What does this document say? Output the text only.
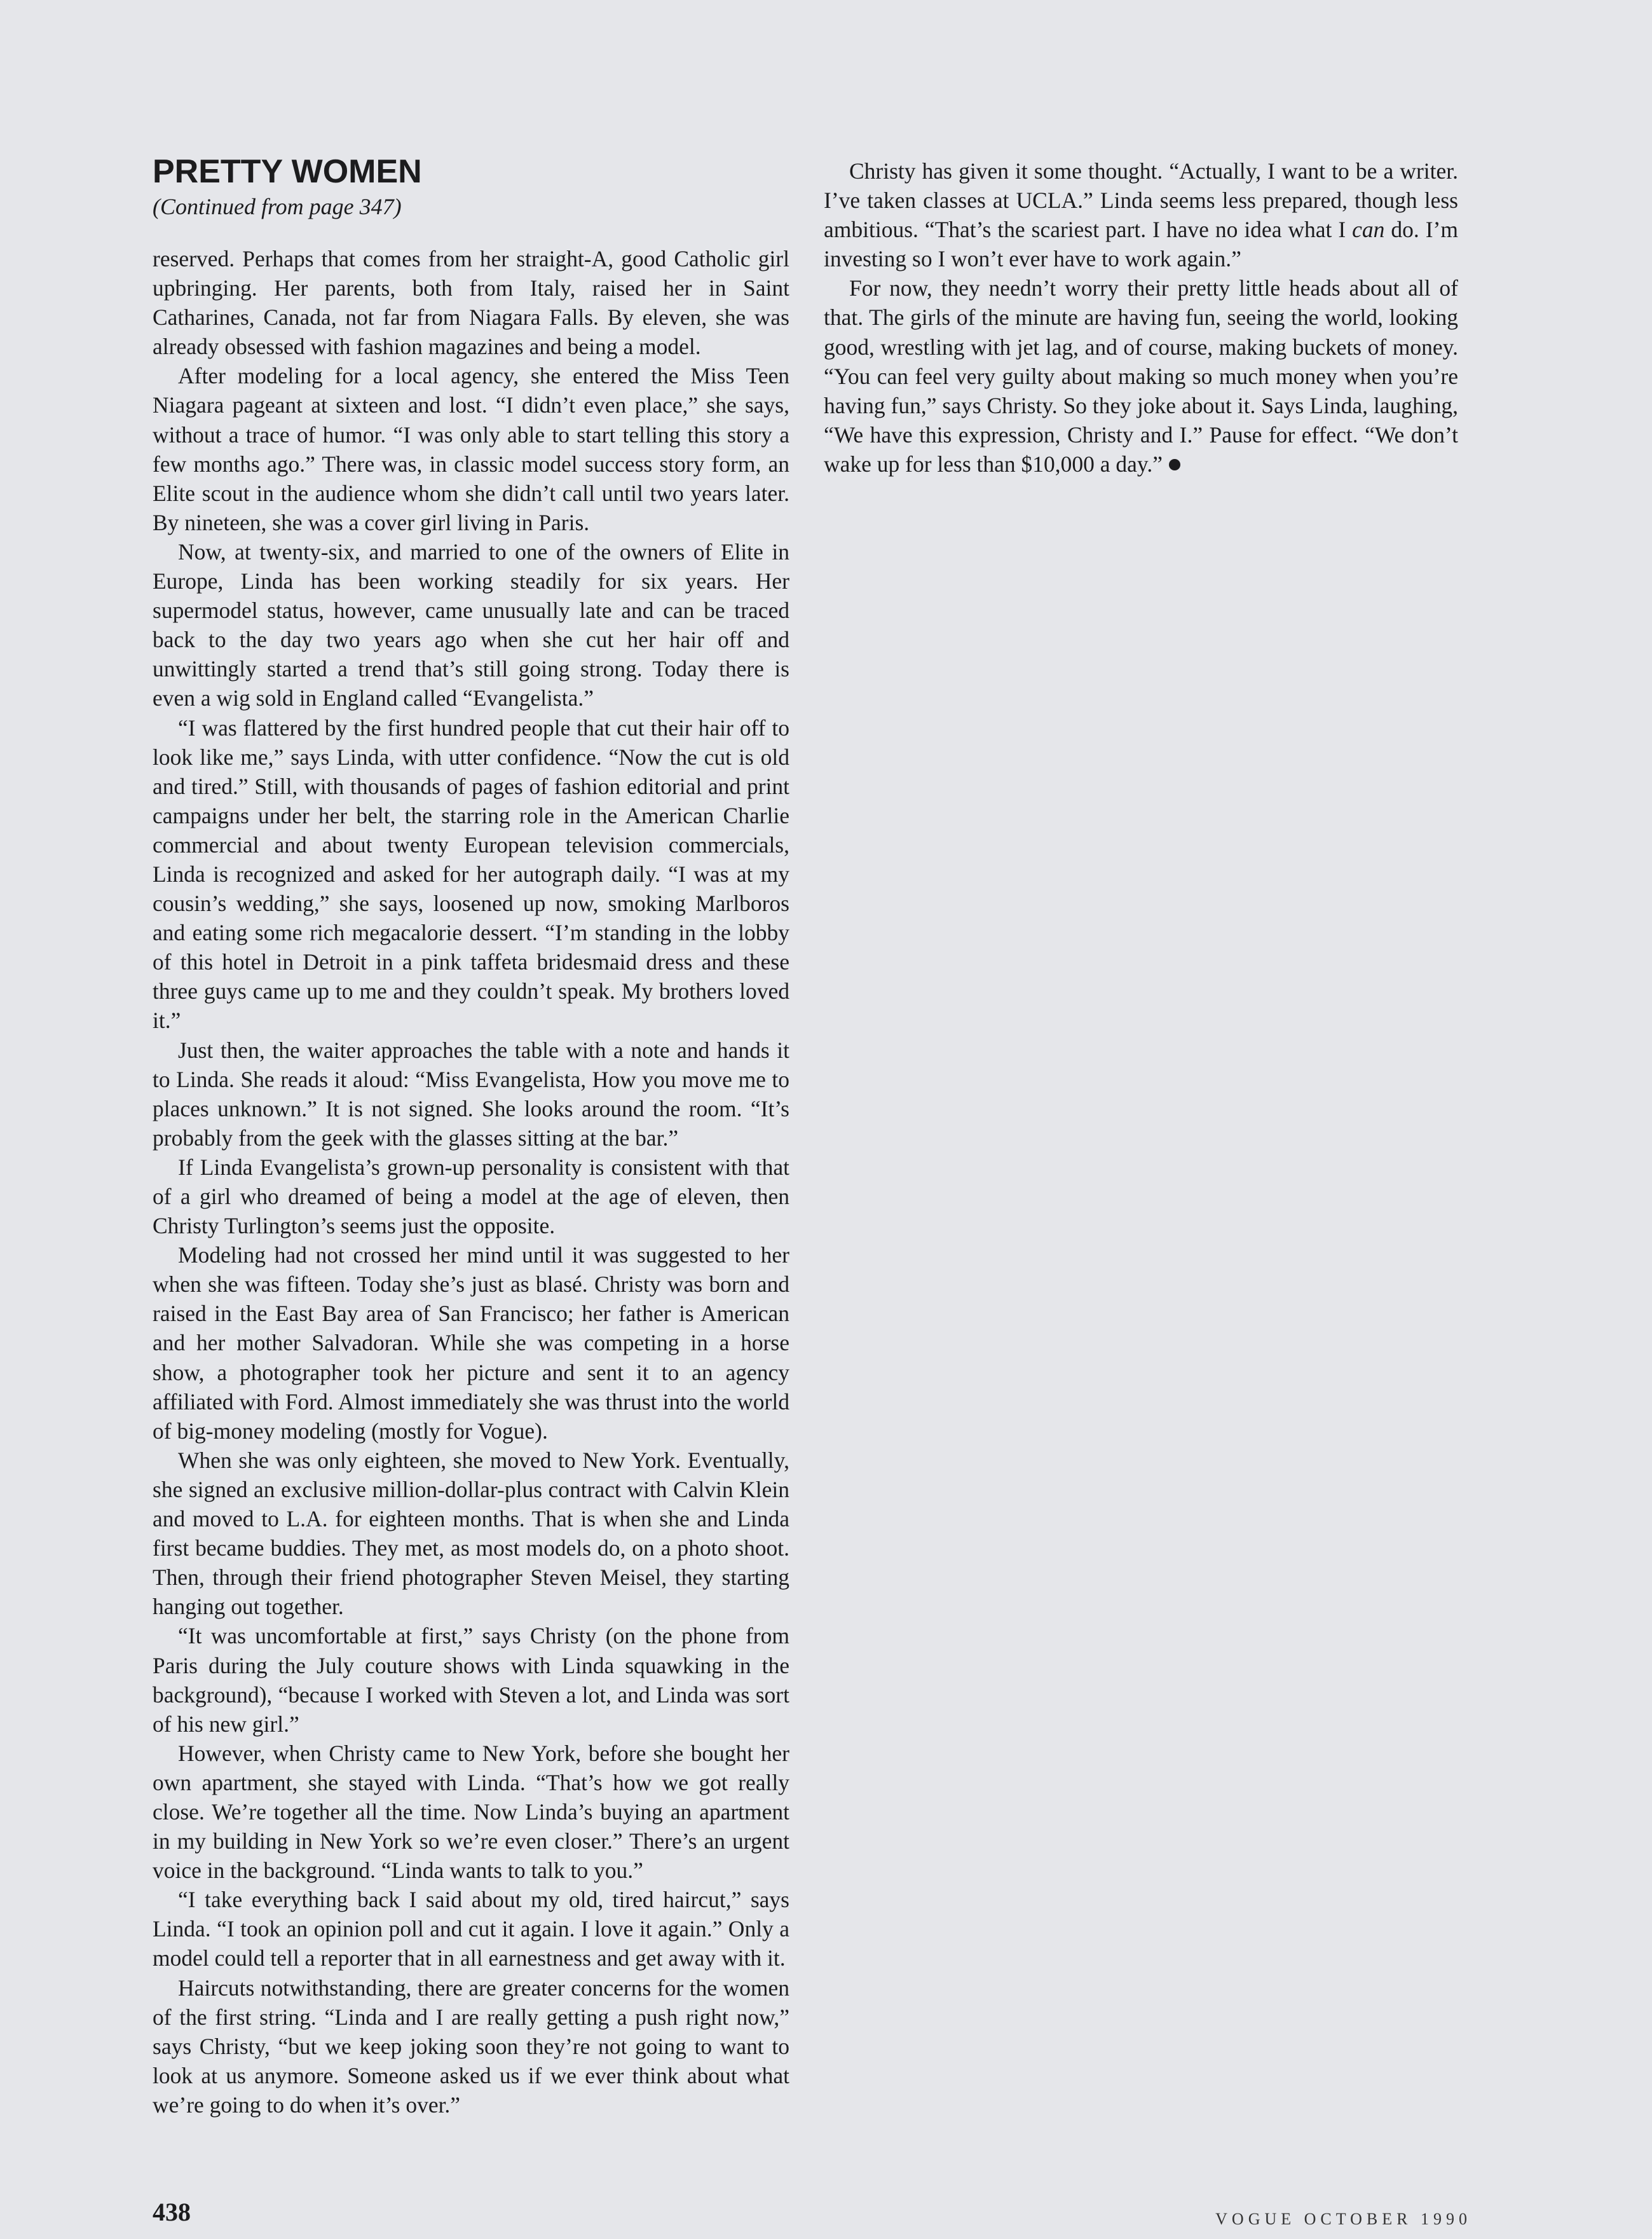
PRETTY WOMEN

(Continued from page 347)

reserved. Perhaps that comes from her straight-A, good Catholic girl upbringing. Her parents, both from Italy, raised her in Saint Catharines, Canada, not far from Niagara Falls. By eleven, she was already obsessed with fashion magazines and being a model.

After modeling for a local agency, she entered the Miss Teen Niagara pageant at sixteen and lost. “I didn’t even place,” she says, without a trace of humor. “I was only able to start telling this story a few months ago.” There was, in classic model success story form, an Elite scout in the audience whom she didn’t call until two years later. By nineteen, she was a cover girl living in Paris.

Now, at twenty-six, and married to one of the owners of Elite in Europe, Linda has been working steadily for six years. Her supermodel status, however, came unusually late and can be traced back to the day two years ago when she cut her hair off and unwittingly started a trend that’s still going strong. Today there is even a wig sold in England called “Evangelista.”

“I was flattered by the first hundred people that cut their hair off to look like me,” says Linda, with utter confidence. “Now the cut is old and tired.” Still, with thousands of pages of fashion editorial and print campaigns under her belt, the starring role in the American Charlie commercial and about twenty European television commercials, Linda is recognized and asked for her autograph daily. “I was at my cousin’s wedding,” she says, loosened up now, smoking Marlboros and eating some rich megacalorie dessert. “I’m standing in the lobby of this hotel in Detroit in a pink taffeta bridesmaid dress and these three guys came up to me and they couldn’t speak. My brothers loved it.”

Just then, the waiter approaches the table with a note and hands it to Linda. She reads it aloud: “Miss Evangelista, How you move me to places unknown.” It is not signed. She looks around the room. “It’s probably from the geek with the glasses sitting at the bar.”

If Linda Evangelista’s grown-up personality is consistent with that of a girl who dreamed of being a model at the age of eleven, then Christy Turlington’s seems just the opposite.

Modeling had not crossed her mind until it was suggested to her when she was fifteen. Today she’s just as blasé. Christy was born and raised in the East Bay area of San Francisco; her father is American and her mother Salvadoran. While she was competing in a horse show, a photographer took her picture and sent it to an agency affiliated with Ford. Almost immediately she was thrust into the world of big-money modeling (mostly for Vogue).

When she was only eighteen, she moved to New York. Eventually, she signed an exclusive million-dollar-plus contract with Calvin Klein and moved to L.A. for eighteen months. That is when she and Linda first became buddies. They met, as most models do, on a photo shoot. Then, through their friend photographer Steven Meisel, they starting hanging out together.

“It was uncomfortable at first,” says Christy (on the phone from Paris during the July couture shows with Linda squawking in the background), “because I worked with Steven a lot, and Linda was sort of his new girl.”

However, when Christy came to New York, before she bought her own apartment, she stayed with Linda. “That’s how we got really close. We’re together all the time. Now Linda’s buying an apartment in my building in New York so we’re even closer.” There’s an urgent voice in the background. “Linda wants to talk to you.”

“I take everything back I said about my old, tired haircut,” says Linda. “I took an opinion poll and cut it again. I love it again.” Only a model could tell a reporter that in all earnestness and get away with it.

Haircuts notwithstanding, there are greater concerns for the women of the first string. “Linda and I are really getting a push right now,” says Christy, “but we keep joking soon they’re not going to want to look at us anymore. Someone asked us if we ever think about what we’re going to do when it’s over.”

Christy has given it some thought. “Actually, I want to be a writer. I’ve taken classes at UCLA.” Linda seems less prepared, though less ambitious. “That’s the scariest part. I have no idea what I can do. I’m investing so I won’t ever have to work again.”

For now, they needn’t worry their pretty little heads about all of that. The girls of the minute are having fun, seeing the world, looking good, wrestling with jet lag, and of course, making buckets of money. “You can feel very guilty about making so much money when you’re having fun,” says Christy. So they joke about it. Says Linda, laughing, “We have this expression, Christy and I.” Pause for effect. “We don’t wake up for less than $10,000 a day.”

438	VOGUE OCTOBER 1990
